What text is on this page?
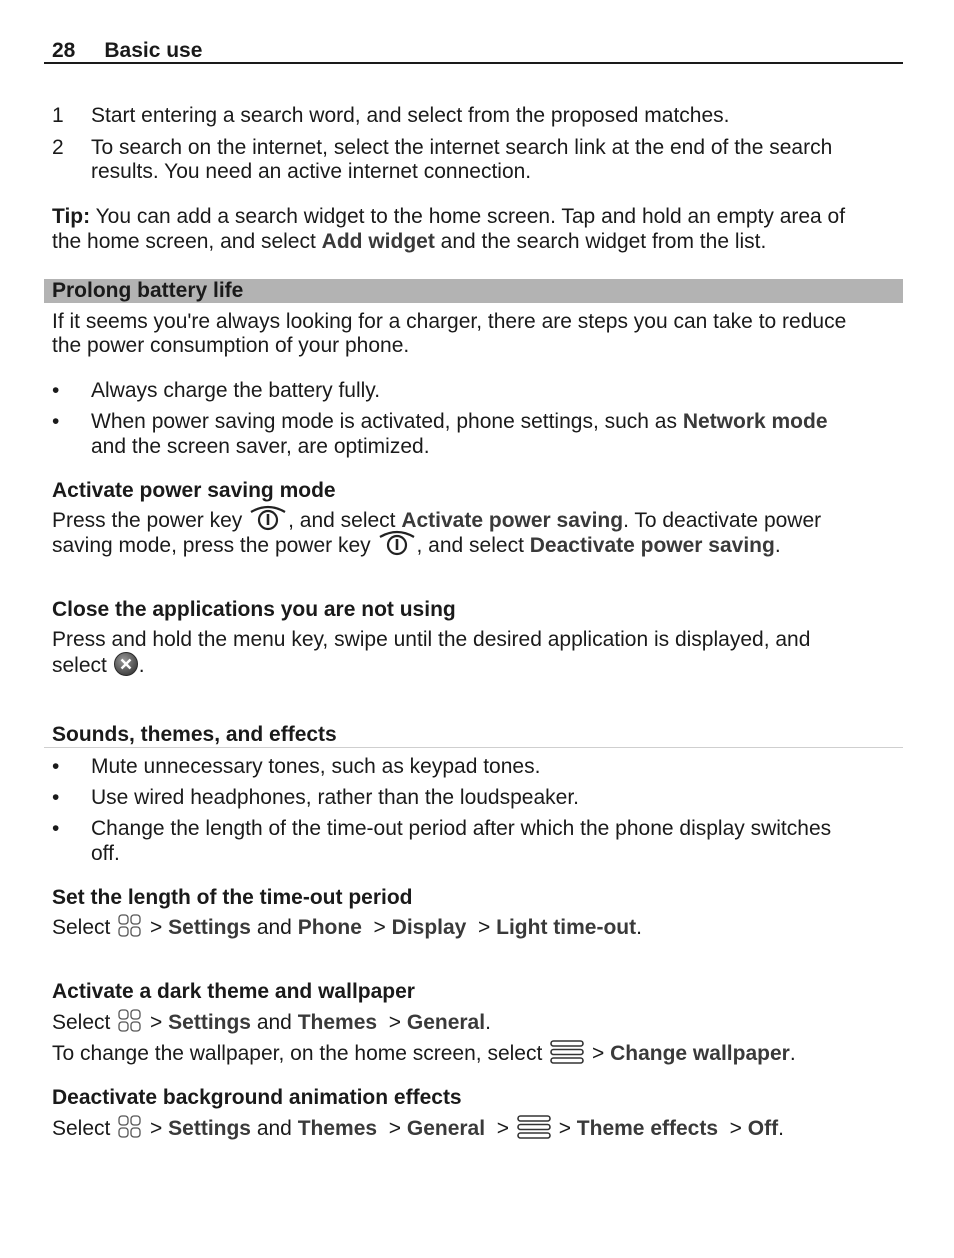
28 Basic use
1 Start entering a search word, and select from the proposed matches.
2 To search on the internet, select the internet search link at the end of the search
results. You need an active internet connection.
Tip: You can add a search widget to the home screen. Tap and hold an empty area of
the home screen, and select Add widget and the search widget from the list.
Prolong battery life
If it seems you're always looking for a charger, there are steps you can take to reduce
the power consumption of your phone.
• Always charge the battery fully.
• When power saving mode is activated, phone settings, such as Network mode
and the screen saver, are optimized.
Activate power saving mode
Press the power key , and select Activate power saving. To deactivate power
saving mode, press the power key , and select Deactivate power saving.
Close the applications you are not using
Press and hold the menu key, swipe until the desired application is displayed, and
select .
Sounds, themes, and effects
• Mute unnecessary tones, such as keypad tones.
• Use wired headphones, rather than the loudspeaker.
• Change the length of the time-out period after which the phone display switches
off.
Set the length of the time-out period
Select  > Settings and Phone  > Display  > Light time-out.
Activate a dark theme and wallpaper
Select  > Settings and Themes  > General.
To change the wallpaper, on the home screen, select  > Change wallpaper.
Deactivate background animation effects
Select  > Settings and Themes  > General  >  > Theme effects  > Off.
